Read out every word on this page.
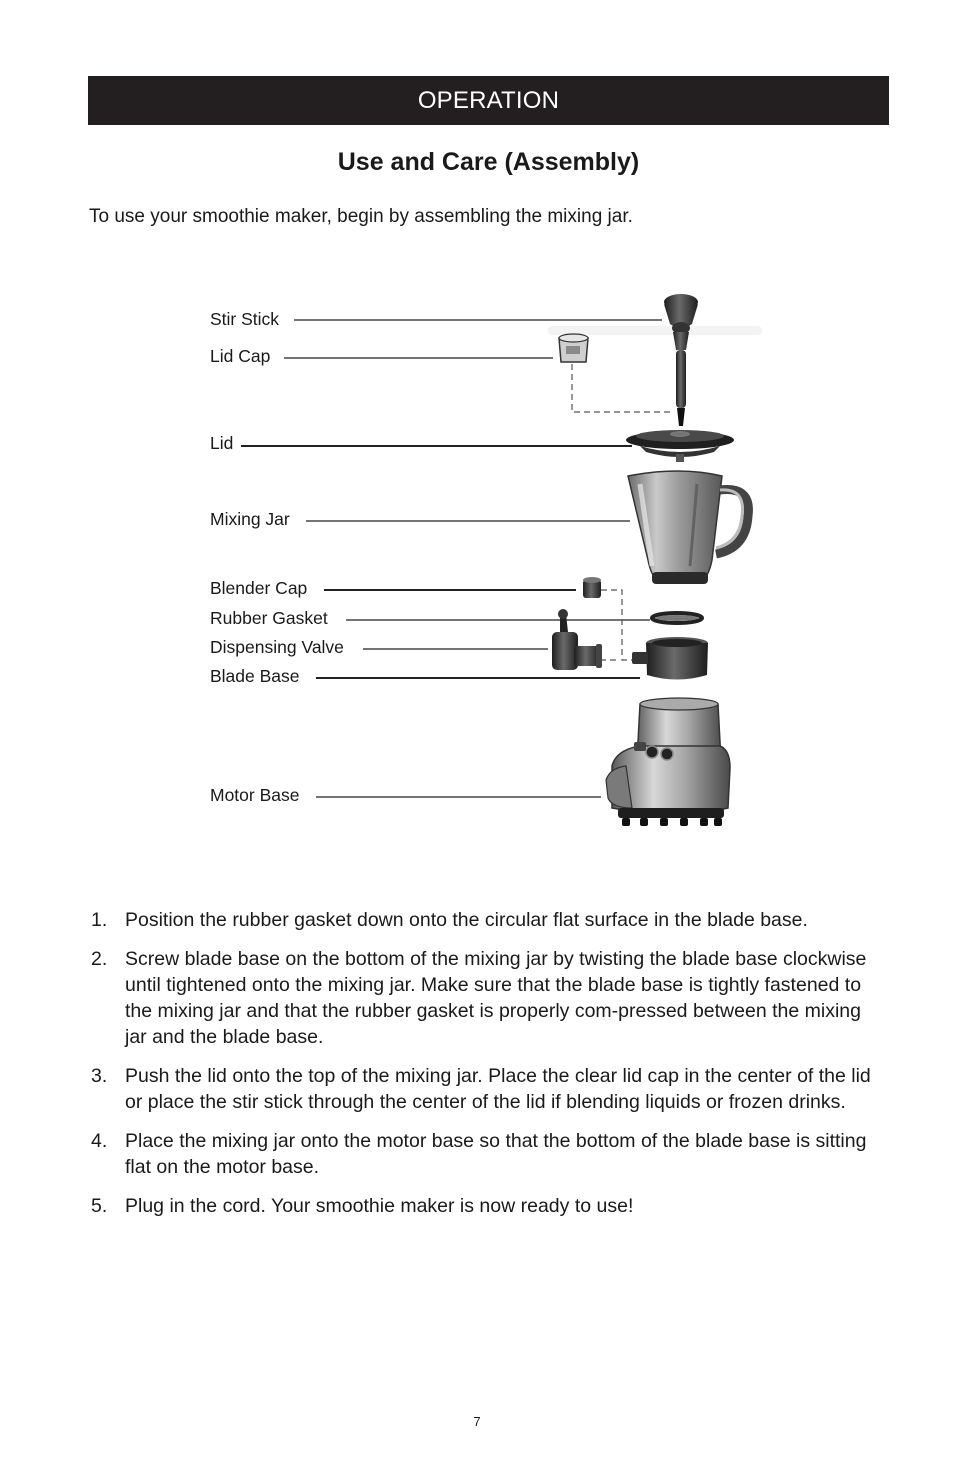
OPERATION
Use and Care (Assembly)
To use your smoothie maker, begin by assembling the mixing jar.
Stir Stick
Lid Cap
Lid
Mixing Jar
Blender Cap
Rubber Gasket
Dispensing Valve
Blade Base
Motor Base
1. Position the rubber gasket down onto the circular flat surface in the blade base.
2. Screw blade base on the bottom of the mixing jar by twisting the blade base clockwise until tightened onto the mixing jar. Make sure that the blade base is tightly fastened to the mixing jar and that the rubber gasket is properly com-pressed between the mixing jar and the blade base.
3. Push the lid onto the top of the mixing jar. Place the clear lid cap in the center of the lid or place the stir stick through the center of the lid if blending liquids or frozen drinks.
4. Place the mixing jar onto the motor base so that the bottom of the blade base is sitting flat on the motor base.
5. Plug in the cord. Your smoothie maker is now ready to use!
7
